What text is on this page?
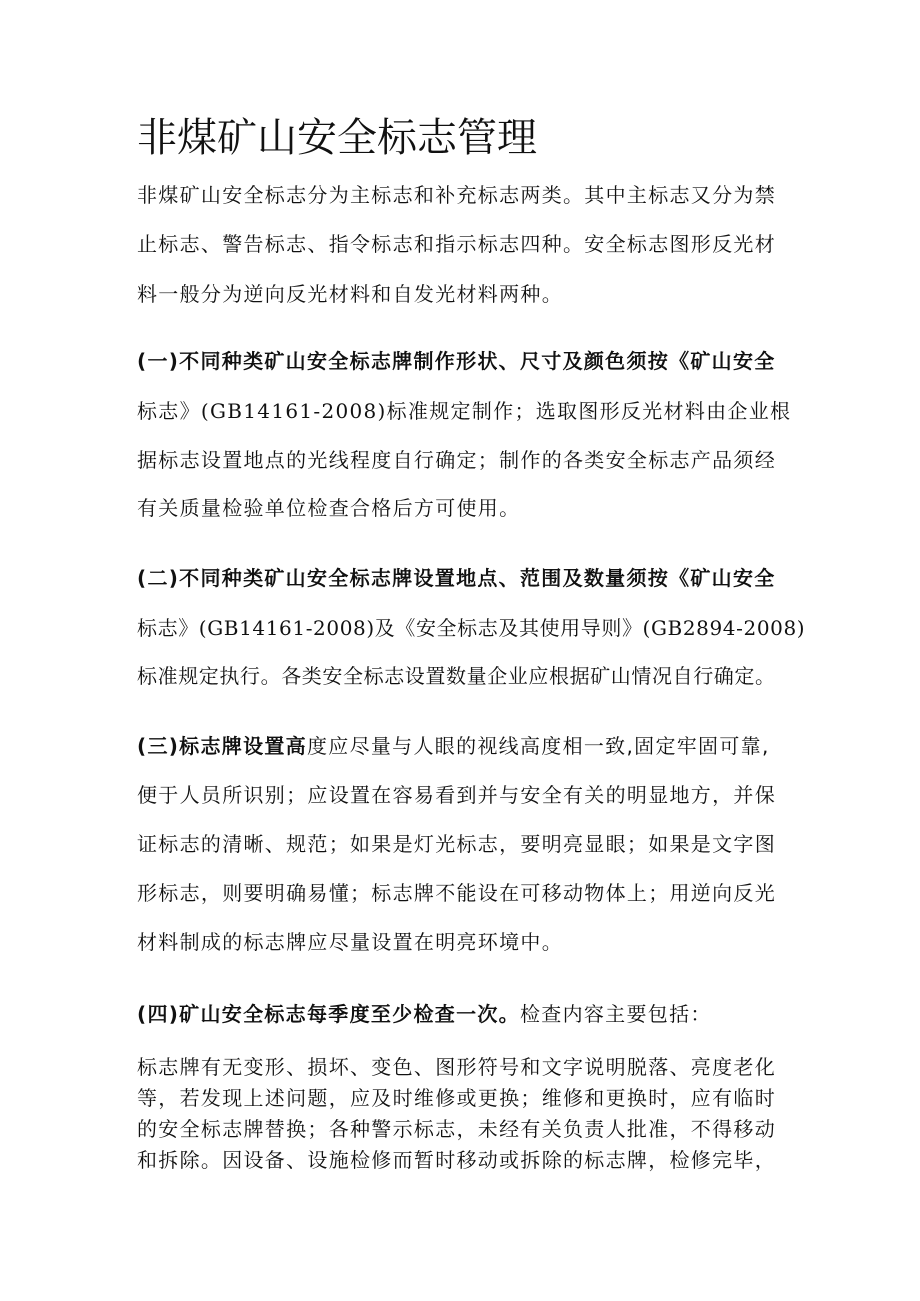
非煤矿山安全标志管理
非煤矿山安全标志分为主标志和补充标志两类。其中主标志又分为禁
止标志、警告标志、指令标志和指示标志四种。安全标志图形反光材
料一般分为逆向反光材料和自发光材料两种。
(一)不同种类矿山安全标志牌制作形状、尺寸及颜色须按《矿山安全
标志》(GB14161-2008)标准规定制作；选取图形反光材料由企业根
据标志设置地点的光线程度自行确定；制作的各类安全标志产品须经
有关质量检验单位检查合格后方可使用。
(二)不同种类矿山安全标志牌设置地点、范围及数量须按《矿山安全
标志》(GB14161-2008)及《安全标志及其使用导则》(GB2894-2008)
标准规定执行。各类安全标志设置数量企业应根据矿山情况自行确定。
(三)标志牌设置高度应尽量与人眼的视线高度相一致,固定牢固可靠,
便于人员所识别；应设置在容易看到并与安全有关的明显地方，并保
证标志的清晰、规范；如果是灯光标志，要明亮显眼；如果是文字图
形标志，则要明确易懂；标志牌不能设在可移动物体上；用逆向反光
材料制成的标志牌应尽量设置在明亮环境中。
(四)矿山安全标志每季度至少检查一次。检查内容主要包括：
标志牌有无变形、损坏、变色、图形符号和文字说明脱落、亮度老化
等，若发现上述问题，应及时维修或更换；维修和更换时，应有临时
的安全标志牌替换；各种警示标志，未经有关负责人批准，不得移动
和拆除。因设备、设施检修而暂时移动或拆除的标志牌，检修完毕，
